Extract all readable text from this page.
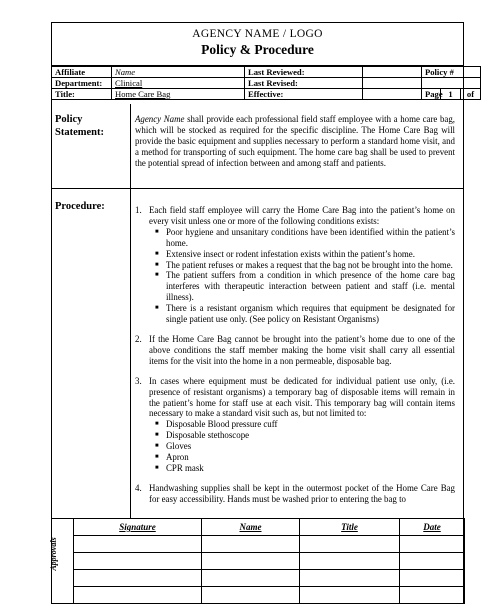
AGENCY NAME / LOGO
Policy & Procedure
Affiliate	Name	Last Reviewed:		Policy #			
Department:	Clinical	Last Revised:					
Title:	Home Care Bag	Effective:		Page	1	of	
Policy Statement:
Agency Name shall provide each professional field staff employee with a home care bag, which will be stocked as required for the specific discipline. The Home Care Bag will provide the basic equipment and supplies necessary to perform a standard home visit, and a method for transporting of such equipment. The home care bag shall be used to prevent the potential spread of infection between and among staff and patients.
Procedure:	1. Each field staff employee will carry the Home Care Bag into the patient’s home on every visit unless one or more of the following conditions exists:
■ Poor hygiene and unsanitary conditions have been identified within the patient’s home.
■ Extensive insect or rodent infestation exists within the patient’s home.
■ The patient refuses or makes a request that the bag not be brought into the home.
■ The patient suffers from a condition in which presence of the home care bag interferes with therapeutic interaction between patient and staff (i.e. mental illness).
■ There is a resistant organism which requires that equipment be designated for single patient use only. (See policy on Resistant Organisms)
2. If the Home Care Bag cannot be brought into the patient’s home due to one of the above conditions the staff member making the home visit shall carry all essential items for the visit into the home in a non permeable, disposable bag.
3. In cases where equipment must be dedicated for individual patient use only, (i.e. presence of resistant organisms) a temporary bag of disposable items will remain in the patient’s home for staff use at each visit. This temporary bag will contain items necessary to make a standard visit such as, but not limited to:
■ Disposable Blood pressure cuff
■ Disposable stethoscope
■ Gloves
■ Apron
■ CPR mask
4. Handwashing supplies shall be kept in the outermost pocket of the Home Care Bag for easy accessibility. Hands must be washed prior to entering the bag to
	Signature	Name	Title	Date

Approvals
